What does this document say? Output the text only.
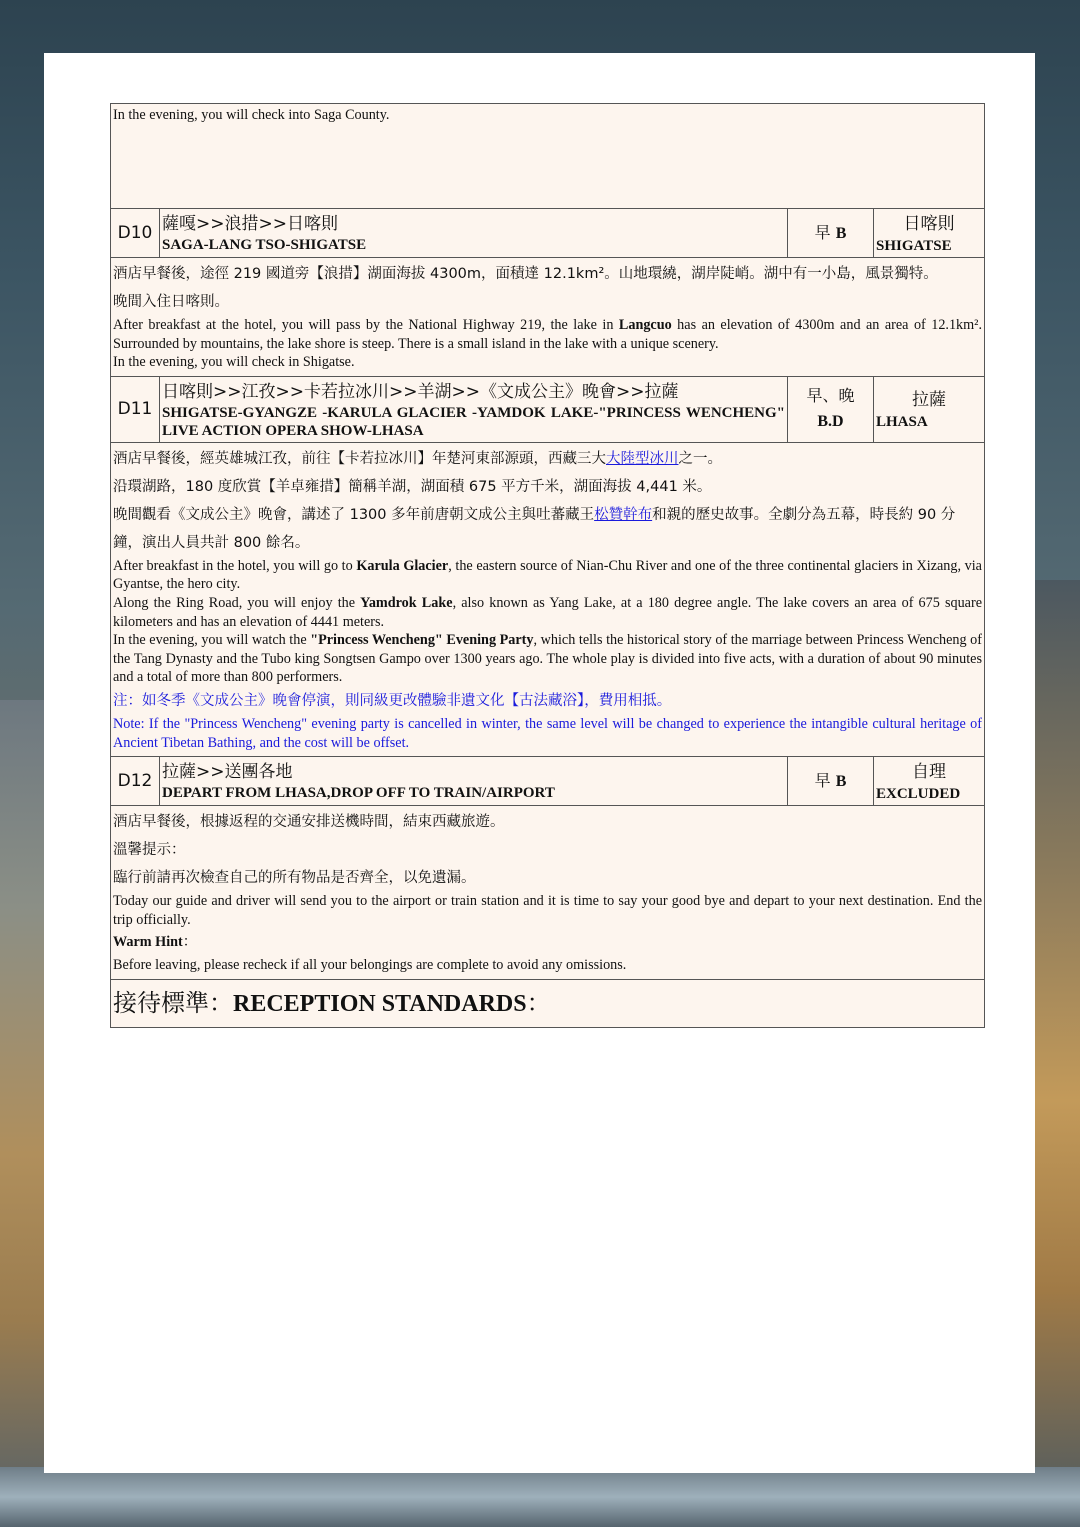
In the evening, you will check into Saga County.
D10 薩嘎>>浪措>>日喀則
SAGA-LANG TSO-SHIGATSE
早 B	日喀則
SHIGATSE
酒店早餐後，途徑 219 國道旁【浪措】湖面海拔 4300m，面積達 12.1km²。山地環繞，湖岸陡峭。湖中有一小島，風景獨特。
晚間入住日喀則。
After breakfast at the hotel, you will pass by the National Highway 219, the lake in Langcuo has an elevation of 4300m and an area of 12.1km². Surrounded by mountains, the lake shore is steep. There is a small island in the lake with a unique scenery.
In the evening, you will check in Shigatse.
D11
日喀則>>江孜>>卡若拉冰川>>羊湖>>《文成公主》晚會>>拉薩
SHIGATSE-GYANGZE -KARULA GLACIER -YAMDOK LAKE-"PRINCESS WENCHENG" LIVE ACTION OPERA SHOW-LHASA
早、晚
B.D
拉薩
LHASA
酒店早餐後，經英雄城江孜，前往【卡若拉冰川】年楚河東部源頭，西藏三大大陸型冰川之一。
沿環湖路，180 度欣賞【羊卓雍措】簡稱羊湖，湖面積 675 平方千米，湖面海拔 4,441 米。
晚間觀看《文成公主》晚會，講述了 1300 多年前唐朝文成公主與吐蕃藏王松贊幹布和親的歷史故事。全劇分為五幕，時長約 90 分鐘，演出人員共計 800 餘名。
After breakfast in the hotel, you will go to Karula Glacier, the eastern source of Nian-Chu River and one of the three continental glaciers in Xizang, via Gyantse, the hero city.
Along the Ring Road, you will enjoy the Yamdrok Lake, also known as Yang Lake, at a 180 degree angle. The lake covers an area of 675 square kilometers and has an elevation of 4441 meters.
In the evening, you will watch the "Princess Wencheng" Evening Party, which tells the historical story of the marriage between Princess Wencheng of the Tang Dynasty and the Tubo king Songtsen Gampo over 1300 years ago. The whole play is divided into five acts, with a duration of about 90 minutes and a total of more than 800 performers.
注：如冬季《文成公主》晚會停演，則同級更改體驗非遺文化【古法藏浴】，費用相抵。
Note: If the "Princess Wencheng" evening party is cancelled in winter, the same level will be changed to experience the intangible cultural heritage of Ancient Tibetan Bathing, and the cost will be offset.
D12 拉薩>>送團各地
DEPART FROM LHASA,DROP OFF TO TRAIN/AIRPORT
早 B	自理
EXCLUDED
酒店早餐後，根據返程的交通安排送機時間，結束西藏旅遊。
溫馨提示：
臨行前請再次檢查自己的所有物品是否齊全，以免遺漏。
Today our guide and driver will send you to the airport or train station and it is time to say your good bye and depart to your next destination. End the trip officially.
Warm Hint：
Before leaving, please recheck if all your belongings are complete to avoid any omissions.
接待標準：RECEPTION STANDARDS：
